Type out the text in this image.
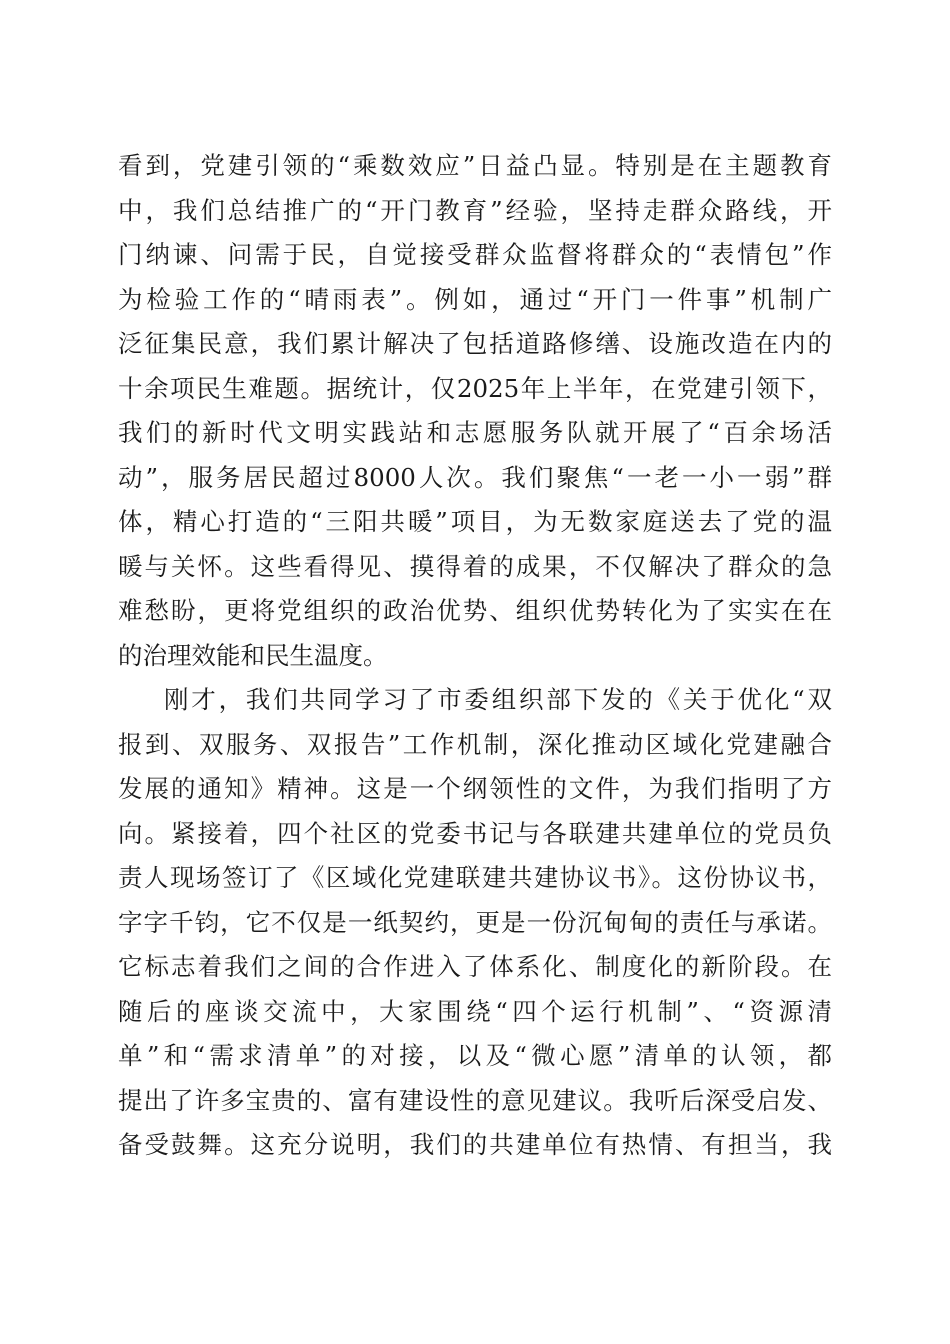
看到，党建引领的“乘数效应”日益凸显。特别是在主题教育
中，我们总结推广的“开门教育”经验，坚持走群众路线，开
门纳谏、问需于民，自觉接受群众监督将群众的“表情包”作
为检验工作的“晴雨表”。例如，通过“开门一件事”机制广
泛征集民意，我们累计解决了包括道路修缮、设施改造在内的
十余项民生难题。据统计，仅2025年上半年，在党建引领下，
我们的新时代文明实践站和志愿服务队就开展了“百余场活
动”，服务居民超过8000人次。我们聚焦“一老一小一弱”群
体，精心打造的“三阳共暖”项目，为无数家庭送去了党的温
暖与关怀。这些看得见、摸得着的成果，不仅解决了群众的急
难愁盼，更将党组织的政治优势、组织优势转化为了实实在在
的治理效能和民生温度。
刚才，我们共同学习了市委组织部下发的《关于优化“双
报到、双服务、双报告”工作机制，深化推动区域化党建融合
发展的通知》精神。这是一个纲领性的文件，为我们指明了方
向。紧接着，四个社区的党委书记与各联建共建单位的党员负
责人现场签订了《区域化党建联建共建协议书》。这份协议书，
字字千钧，它不仅是一纸契约，更是一份沉甸甸的责任与承诺。
它标志着我们之间的合作进入了体系化、制度化的新阶段。在
随后的座谈交流中，大家围绕“四个运行机制”、“资源清
单”和“需求清单”的对接，以及“微心愿”清单的认领，都
提出了许多宝贵的、富有建设性的意见建议。我听后深受启发、
备受鼓舞。这充分说明，我们的共建单位有热情、有担当，我
